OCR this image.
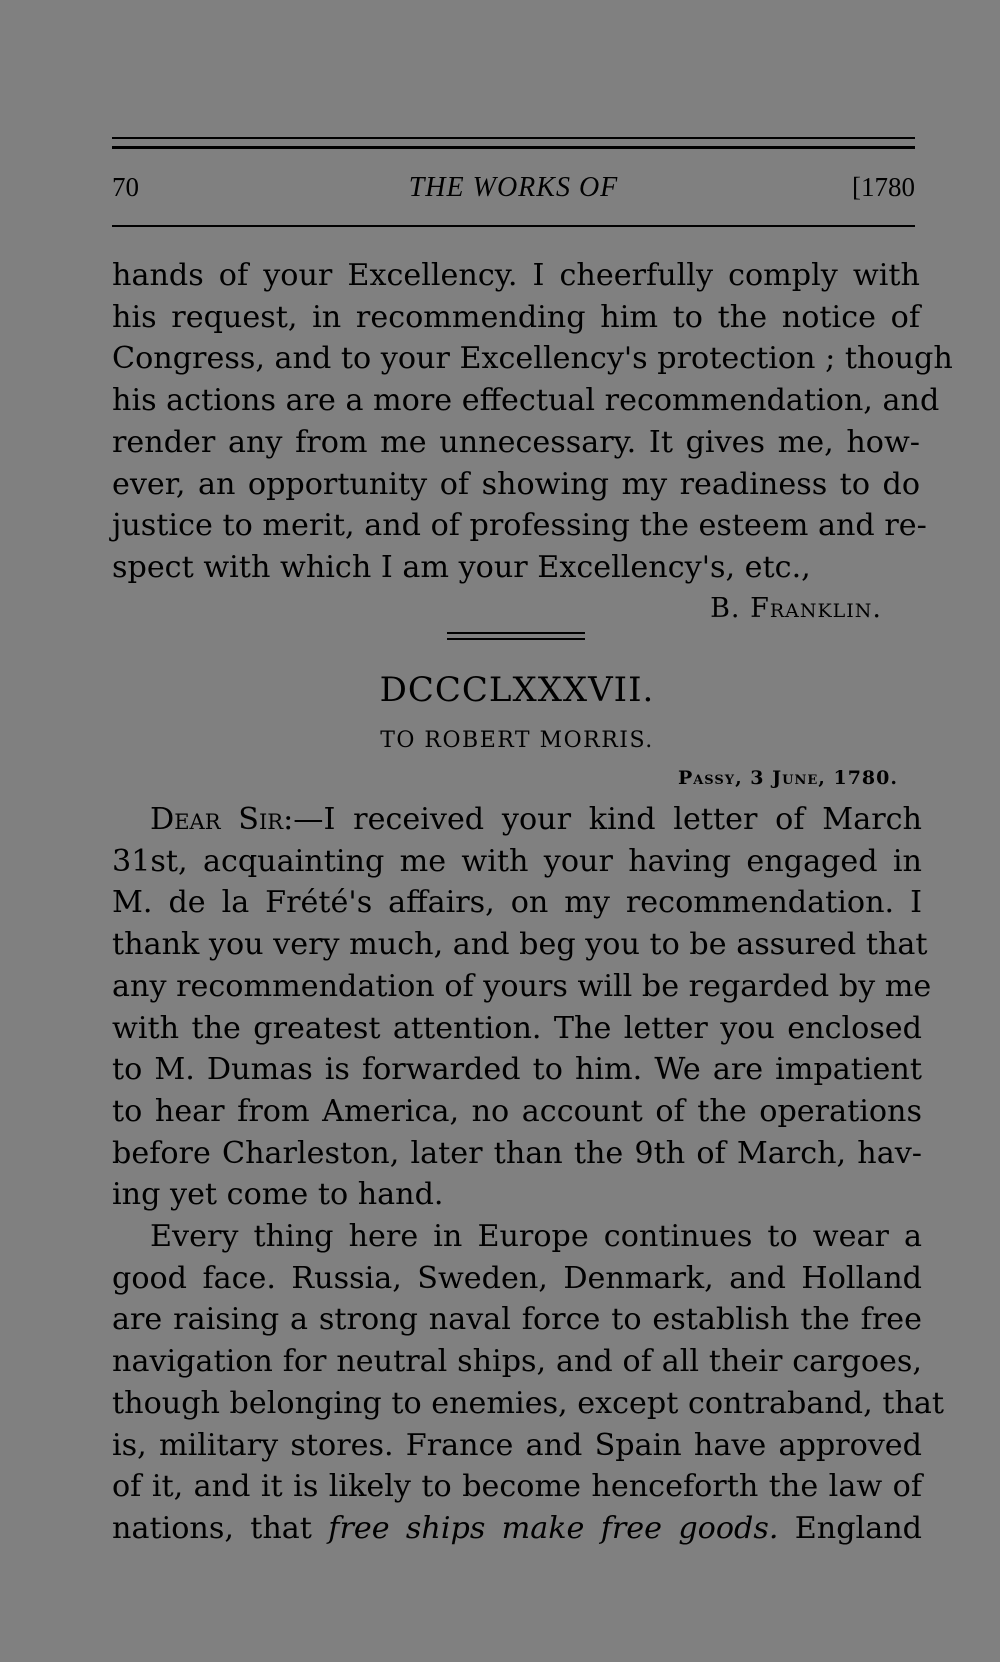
70	THE WORKS OF	[1780
hands of your Excellency. I cheerfully comply with
his request, in recommending him to the notice of
Congress, and to your Excellency's protection ; though
his actions are a more effectual recommendation, and
render any from me unnecessary. It gives me, how-
ever, an opportunity of showing my readiness to do
justice to merit, and of professing the esteem and re-
spect with which I am your Excellency's, etc.,
B. Franklin.
DCCCLXXXVII.
TO ROBERT MORRIS.
Passy, 3 June, 1780.
Dear Sir:—I received your kind letter of March
31st, acquainting me with your having engaged in
M. de la Frété's affairs, on my recommendation. I
thank you very much, and beg you to be assured that
any recommendation of yours will be regarded by me
with the greatest attention. The letter you enclosed
to M. Dumas is forwarded to him. We are impatient
to hear from America, no account of the operations
before Charleston, later than the 9th of March, hav-
ing yet come to hand.
Every thing here in Europe continues to wear a
good face. Russia, Sweden, Denmark, and Holland
are raising a strong naval force to establish the free
navigation for neutral ships, and of all their cargoes,
though belonging to enemies, except contraband, that
is, military stores. France and Spain have approved
of it, and it is likely to become henceforth the law of
nations, that free ships make free goods. England
